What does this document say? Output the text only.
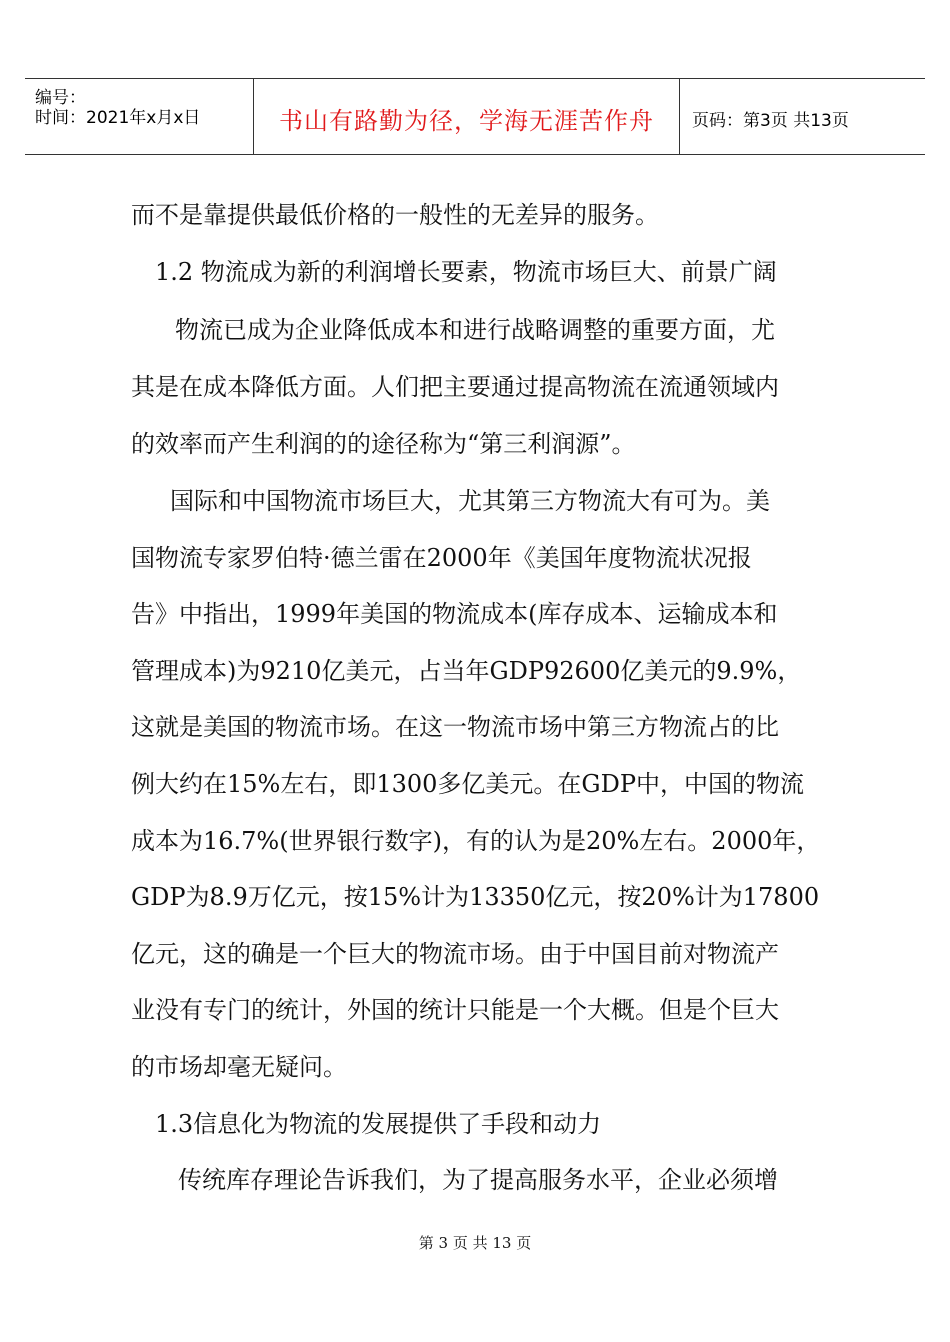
编号：
时间：2021年x月x日	书山有路勤为径，学海无涯苦作舟	页码：第3页 共13页
而不是靠提供最低价格的一般性的无差异的服务。
1.2 物流成为新的利润增长要素，物流市场巨大、前景广阔
物流已成为企业降低成本和进行战略调整的重要方面，尤
其是在成本降低方面。人们把主要通过提高物流在流通领域内
的效率而产生利润的的途径称为“第三利润源”。
国际和中国物流市场巨大，尤其第三方物流大有可为。美
国物流专家罗伯特·德兰雷在2000年《美国年度物流状况报
告》中指出，1999年美国的物流成本(库存成本、运输成本和
管理成本)为9210亿美元，占当年GDP92600亿美元的9.9%，
这就是美国的物流市场。在这一物流市场中第三方物流占的比
例大约在15%左右，即1300多亿美元。在GDP中，中国的物流
成本为16.7%(世界银行数字)，有的认为是20%左右。2000年，
GDP为8.9万亿元，按15%计为13350亿元，按20%计为17800
亿元，这的确是一个巨大的物流市场。由于中国目前对物流产
业没有专门的统计，外国的统计只能是一个大概。但是个巨大
的市场却毫无疑问。
1.3信息化为物流的发展提供了手段和动力
传统库存理论告诉我们，为了提高服务水平，企业必须增
第 3 页 共 13 页
